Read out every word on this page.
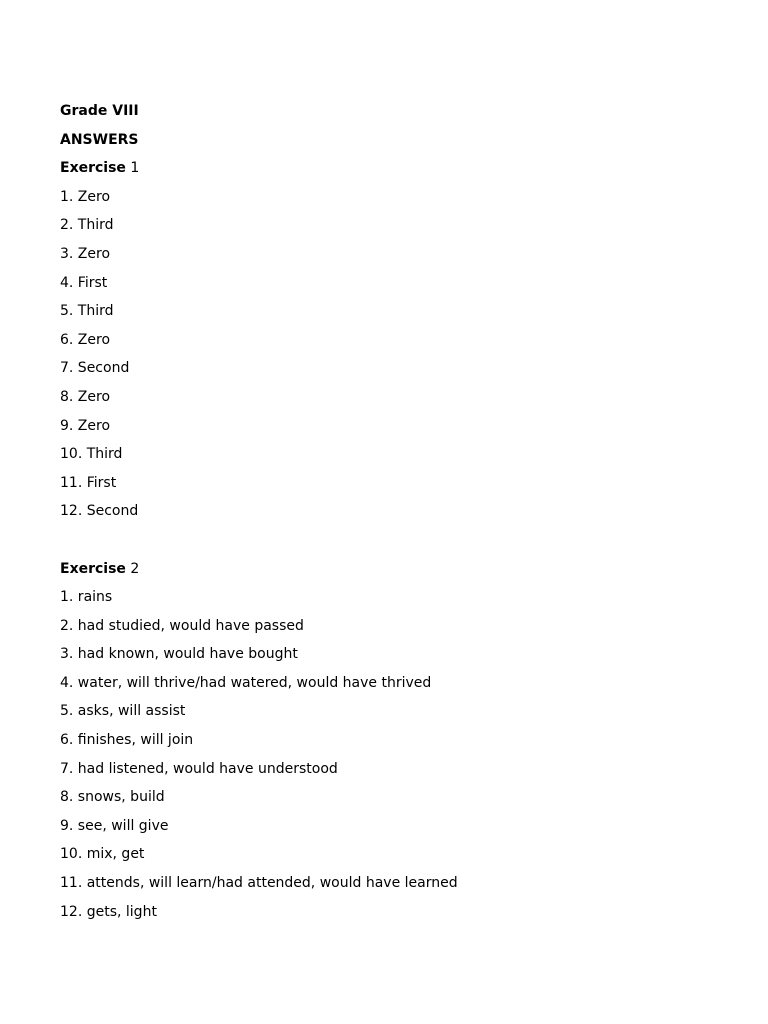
Grade VIII
ANSWERS
Exercise 1
1. Zero
2. Third
3. Zero
4. First
5. Third
6. Zero
7. Second
8. Zero
9. Zero
10. Third
11. First
12. Second
Exercise 2
1. rains
2. had studied, would have passed
3. had known, would have bought
4. water, will thrive/had watered, would have thrived
5. asks, will assist
6. finishes, will join
7. had listened, would have understood
8. snows, build
9. see, will give
10. mix, get
11. attends, will learn/had attended, would have learned
12. gets, light
